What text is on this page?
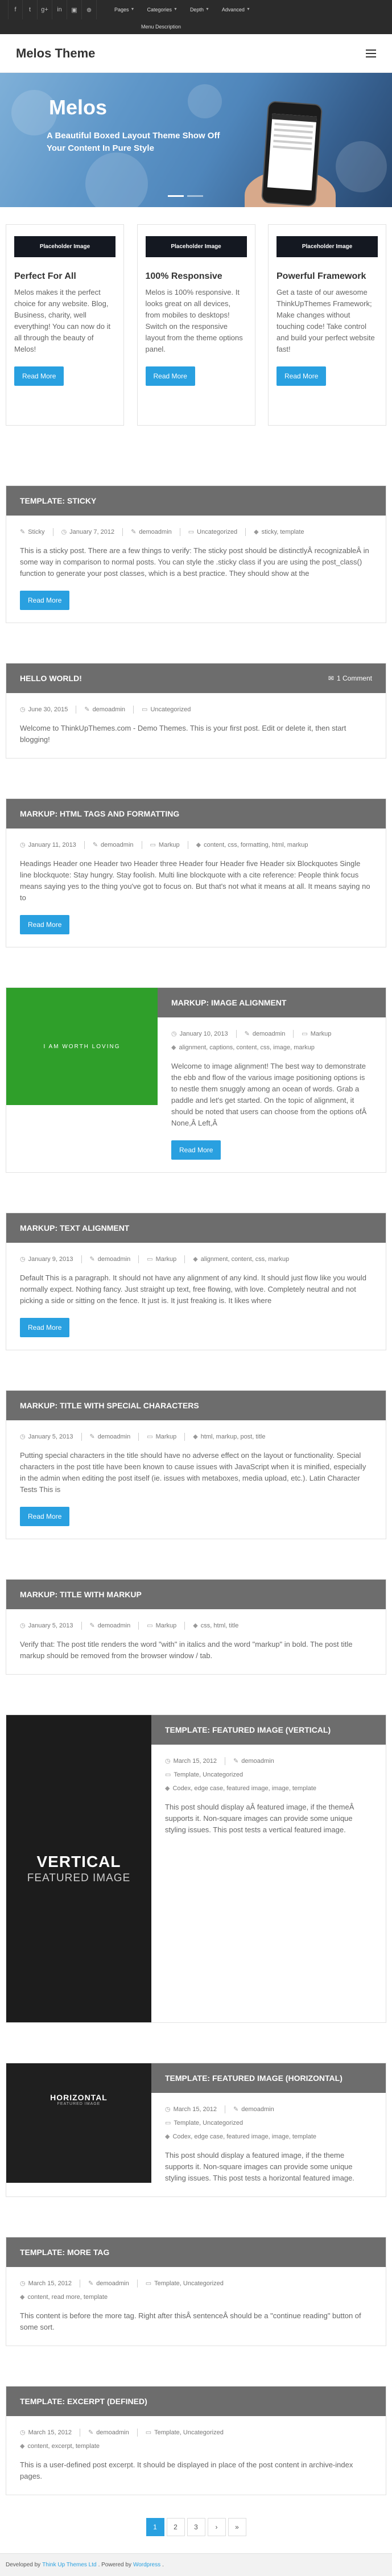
f	t	g+	in	▣	⊕	Pages ▼ Categories ▼ Depth ▼ Advanced ▼
Menu Description
Melos Theme
Melos
A Beautiful Boxed Layout Theme Show Off Your Content In Pure Style
Placeholder Image
Perfect For All

Melos makes it the perfect choice for any website. Blog, Business, charity, well everything! You can now do it all through the beauty of Melos!

Read More
Placeholder Image
100% Responsive

Melos is 100% responsive. It looks great on all devices, from mobiles to desktops! Switch on the responsive layout from the theme options panel.

Read More
Placeholder Image
Powerful Framework

Get a taste of our awesome ThinkUpThemes Framework; Make changes without touching code! Take control and build your perfect website fast!

Read More
TEMPLATE: STICKY
✎ Sticky	◷ January 7, 2012	✎ demoadmin	▭ Uncategorized	◆ sticky, template

This is a sticky post. There are a few things to verify: The sticky post should be distinctlyÂ recognizableÂ in some way in comparison to normal posts. You can style the .sticky class if you are using the post_class() function to generate your post classes, which is a best practice. They should show at the

Read More
HELLO WORLD!	✉ 1 Comment
◷ June 30, 2015	✎ demoadmin	▭ Uncategorized

Welcome to ThinkUpThemes.com - Demo Themes. This is your first post. Edit or delete it, then start blogging!

MARKUP: HTML TAGS AND FORMATTING
◷ January 11, 2013	✎ demoadmin	▭ Markup	◆ content, css, formatting, html, markup

Headings Header one Header two Header three Header four Header five Header six Blockquotes Single line blockquote: Stay hungry. Stay foolish. Multi line blockquote with a cite reference: People think focus means saying yes to the thing you've got to focus on. But that's not what it means at all. It means saying no to

Read More
I AM WORTH LOVING
MARKUP: IMAGE ALIGNMENT
◷ January 10, 2013	✎ demoadmin	▭ Markup
◆ alignment, captions, content, css, image, markup

Welcome to image alignment! The best way to demonstrate the ebb and flow of the various image positioning options is to nestle them snuggly among an ocean of words. Grab a paddle and let's get started. On the topic of alignment, it should be noted that users can choose from the options ofÂ None,Â Left,Â

Read More
MARKUP: TEXT ALIGNMENT
◷ January 9, 2013	✎ demoadmin	▭ Markup	◆ alignment, content, css, markup

Default This is a paragraph. It should not have any alignment of any kind. It should just flow like you would normally expect. Nothing fancy. Just straight up text, free flowing, with love. Completely neutral and not picking a side or sitting on the fence. It just is. It just freaking is. It likes where

Read More
MARKUP: TITLE WITH SPECIAL CHARACTERS
◷ January 5, 2013	✎ demoadmin	▭ Markup	◆ html, markup, post, title

Putting special characters in the title should have no adverse effect on the layout or functionality. Special characters in the post title have been known to cause issues with JavaScript when it is minified, especially in the admin when editing the post itself (ie. issues with metaboxes, media upload, etc.). Latin Character Tests This is

Read More
MARKUP: TITLE WITH MARKUP
◷ January 5, 2013	✎ demoadmin	▭ Markup	◆ css, html, title

Verify that: The post title renders the word "with" in italics and the word "markup" in bold. The post title markup should be removed from the browser window / tab.

VERTICAL
FEATURED IMAGE
TEMPLATE: FEATURED IMAGE (VERTICAL)
◷ March 15, 2012	✎ demoadmin
▭ Template, Uncategorized
◆ Codex, edge case, featured image, image, template

This post should display aÂ featured image, if the themeÂ supports it. Non-square images can provide some unique styling issues. This post tests a vertical featured image.

HORIZONTAL
FEATURED IMAGE
TEMPLATE: FEATURED IMAGE (HORIZONTAL)
◷ March 15, 2012	✎ demoadmin
▭ Template, Uncategorized
◆ Codex, edge case, featured image, image, template

This post should display a featured image, if the theme supports it. Non-square images can provide some unique styling issues. This post tests a horizontal featured image.

TEMPLATE: MORE TAG
◷ March 15, 2012	✎ demoadmin	▭ Template, Uncategorized
◆ content, read more, template

This content is before the more tag. Right after thisÂ sentenceÂ should be a "continue reading" button of some sort.

TEMPLATE: EXCERPT (DEFINED)
◷ March 15, 2012	✎ demoadmin	▭ Template, Uncategorized
◆ content, excerpt, template

This is a user-defined post excerpt. It should be displayed in place of the post content in archive-index pages.

1	2	3	›	»
Developed by Think Up Themes Ltd . Powered by Wordpress .
